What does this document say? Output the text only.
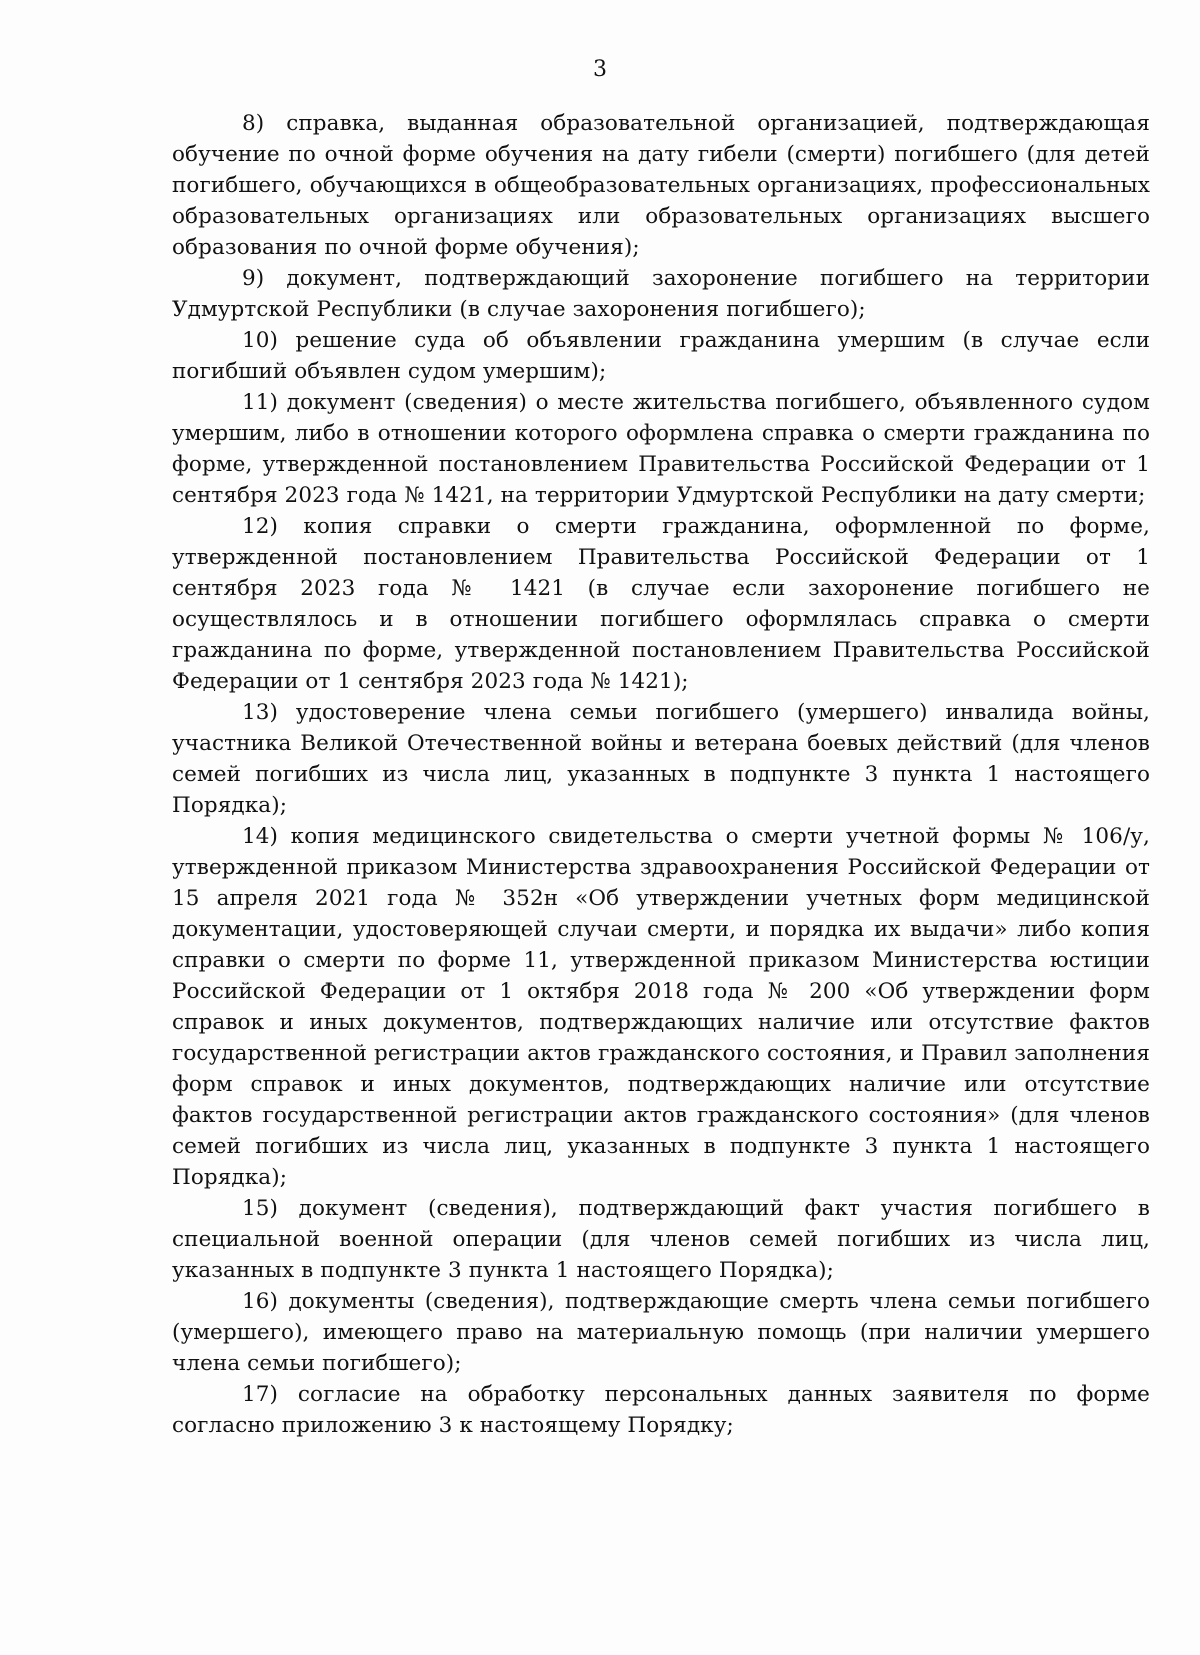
3

8) справка, выданная образовательной организацией, подтверждающая обучение по очной форме обучения на дату гибели (смерти) погибшего (для детей погибшего, обучающихся в общеобразовательных организациях, профессиональных образовательных организациях или образовательных организациях высшего образования по очной форме обучения);

9) документ, подтверждающий захоронение погибшего на территории Удмуртской Республики (в случае захоронения погибшего);

10) решение суда об объявлении гражданина умершим (в случае если погибший объявлен судом умершим);

11) документ (сведения) о месте жительства погибшего, объявленного судом умершим, либо в отношении которого оформлена справка о смерти гражданина по форме, утвержденной постановлением Правительства Российской Федерации от 1 сентября 2023 года № 1421, на территории Удмуртской Республики на дату смерти;

12) копия справки о смерти гражданина, оформленной по форме, утвержденной постановлением Правительства Российской Федерации от 1 сентября 2023 года № 1421 (в случае если захоронение погибшего не осуществлялось и в отношении погибшего оформлялась справка о смерти гражданина по форме, утвержденной постановлением Правительства Российской Федерации от 1 сентября 2023 года № 1421);

13) удостоверение члена семьи погибшего (умершего) инвалида войны, участника Великой Отечественной войны и ветерана боевых действий (для членов семей погибших из числа лиц, указанных в подпункте 3 пункта 1 настоящего Порядка);

14) копия медицинского свидетельства о смерти учетной формы № 106/у, утвержденной приказом Министерства здравоохранения Российской Федерации от 15 апреля 2021 года № 352н «Об утверждении учетных форм медицинской документации, удостоверяющей случаи смерти, и порядка их выдачи» либо копия справки о смерти по форме 11, утвержденной приказом Министерства юстиции Российской Федерации от 1 октября 2018 года № 200 «Об утверждении форм справок и иных документов, подтверждающих наличие или отсутствие фактов государственной регистрации актов гражданского состояния, и Правил заполнения форм справок и иных документов, подтверждающих наличие или отсутствие фактов государственной регистрации актов гражданского состояния» (для членов семей погибших из числа лиц, указанных в подпункте 3 пункта 1 настоящего Порядка);

15) документ (сведения), подтверждающий факт участия погибшего в специальной военной операции (для членов семей погибших из числа лиц, указанных в подпункте 3 пункта 1 настоящего Порядка);

16) документы (сведения), подтверждающие смерть члена семьи погибшего (умершего), имеющего право на материальную помощь (при наличии умершего члена семьи погибшего);

17) согласие на обработку персональных данных заявителя по форме согласно приложению 3 к настоящему Порядку;
